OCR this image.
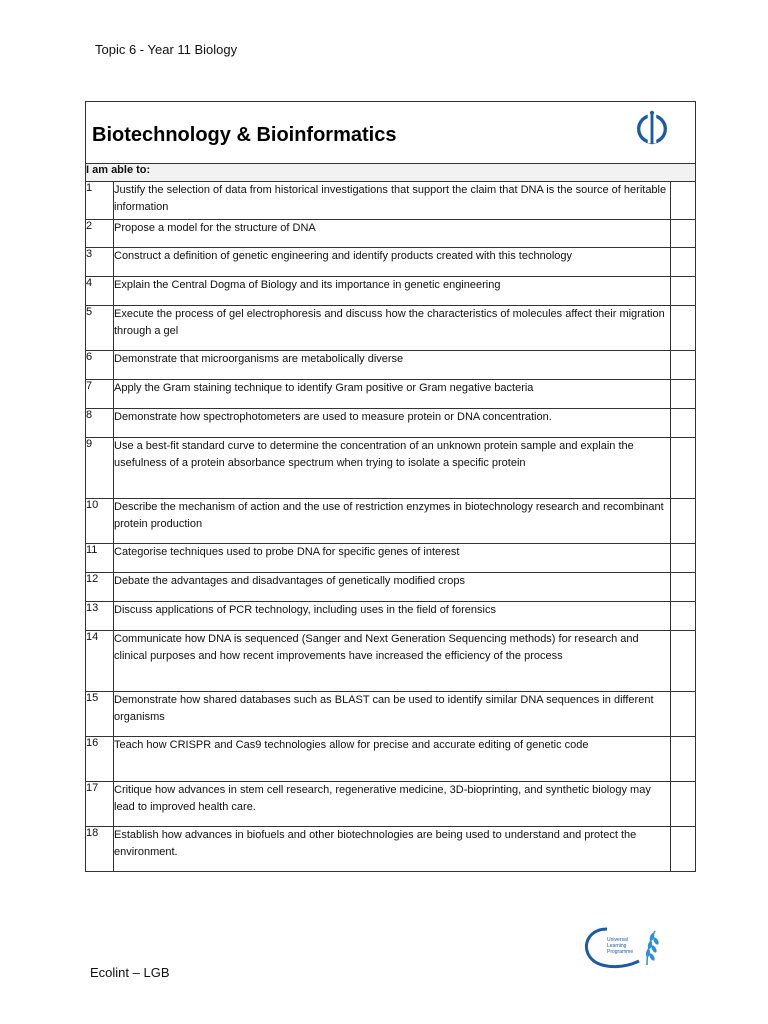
Topic 6 - Year 11 Biology
Biotechnology & Bioinformatics		

I am able to:		
1	Justify the selection of data from historical investigations that support the claim that DNA is the source of heritable information	
2	Propose a model for the structure of DNA	
3	Construct a definition of genetic engineering and identify products created with this technology	
4	Explain the Central Dogma of Biology and its importance in genetic engineering	
5	Execute the process of gel electrophoresis and discuss how the characteristics of molecules affect their migration through a gel	
6	Demonstrate that microorganisms are metabolically diverse	
7	Apply the Gram staining technique to identify Gram positive or Gram negative bacteria	
8	Demonstrate how spectrophotometers are used to measure protein or DNA concentration.	
9	Use a best-fit standard curve to determine the concentration of an unknown protein sample and explain the usefulness of a protein absorbance spectrum when trying to isolate a specific protein	
10	Describe the mechanism of action and the use of restriction enzymes in biotechnology research and recombinant protein production	
11	Categorise techniques used to probe DNA for specific genes of interest	
12	Debate the advantages and disadvantages of genetically modified crops	
13	Discuss applications of PCR technology, including uses in the field of forensics	
14	Communicate how DNA is sequenced (Sanger and Next Generation Sequencing methods) for research and clinical purposes and how recent improvements have increased the efficiency of the process	
15	Demonstrate how shared databases such as BLAST can be used to identify similar DNA sequences in different organisms	
16	Teach how CRISPR and Cas9 technologies allow for precise and accurate editing of genetic code	
17	Critique how advances in stem cell research, regenerative medicine, 3D-bioprinting, and synthetic biology may lead to improved health care.	
18	Establish how advances in biofuels and other biotechnologies are being used to understand and protect the environment.	
Universal
Learning
Programme
Ecolint – LGB
